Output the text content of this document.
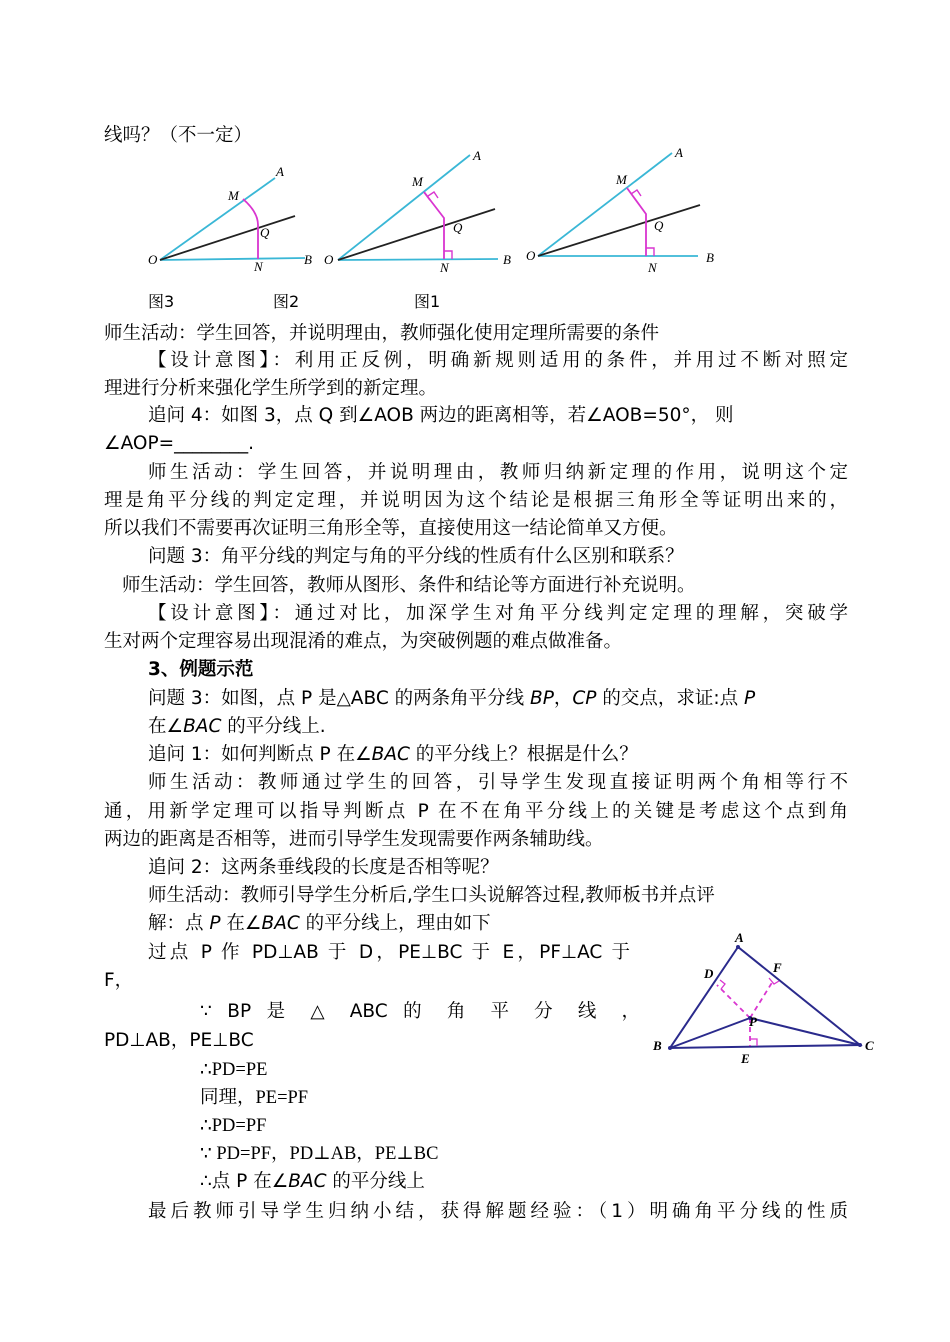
线吗？（不一定）
A
M
Q
O	N	B
A
M
Q
O
N
B
A
M
Q
O
N
B
图3	图2	图1
师生活动：学生回答，并说明理由，教师强化使用定理所需要的条件
【设计意图】：利用正反例，明确新规则适用的条件，并用过不断对照定
理进行分析来强化学生所学到的新定理。
追问 4：如图 3，点 Q 到∠AOB 两边的距离相等，若∠AOB=50°， 则
∠AOP=________.
师生活动：学生回答，并说明理由，教师归纳新定理的作用，说明这个定
理是角平分线的判定定理，并说明因为这个结论是根据三角形全等证明出来的，
所以我们不需要再次证明三角形全等，直接使用这一结论简单又方便。
问题 3：角平分线的判定与角的平分线的性质有什么区别和联系？
师生活动：学生回答，教师从图形、条件和结论等方面进行补充说明。
【设计意图】：通过对比，加深学生对角平分线判定定理的理解，突破学
生对两个定理容易出现混淆的难点，为突破例题的难点做准备。
3、例题示范
问题 3：如图，点 P 是△ABC 的两条角平分线 BP，CP 的交点，求证:点 P
在∠BAC 的平分线上.
追问 1：如何判断点 P 在∠BAC 的平分线上？根据是什么？
师生活动：教师通过学生的回答，引导学生发现直接证明两个角相等行不
通，用新学定理可以指导判断点 P 在不在角平分线上的关键是考虑这个点到角
两边的距离是否相等，进而引导学生发现需要作两条辅助线。
追问 2：这两条垂线段的长度是否相等呢？
师生活动：教师引导学生分析后,学生口头说解答过程,教师板书并点评
解：点 P 在∠BAC 的平分线上，理由如下
过点 P 作 PD⊥AB 于 D，PE⊥BC 于 E，PF⊥AC 于
F，
∵ BP 是 △ ABC 的 角 平 分 线 ，
PD⊥AB，PE⊥BC
∴PD=PE
同理，PE=PF
∴PD=PF
∵ PD=PF，PD⊥AB，PE⊥BC
∴点 P 在∠BAC 的平分线上
最后教师引导学生归纳小结，获得解题经验：（1）明确角平分线的性质
A
B	C
D
E
F
P
